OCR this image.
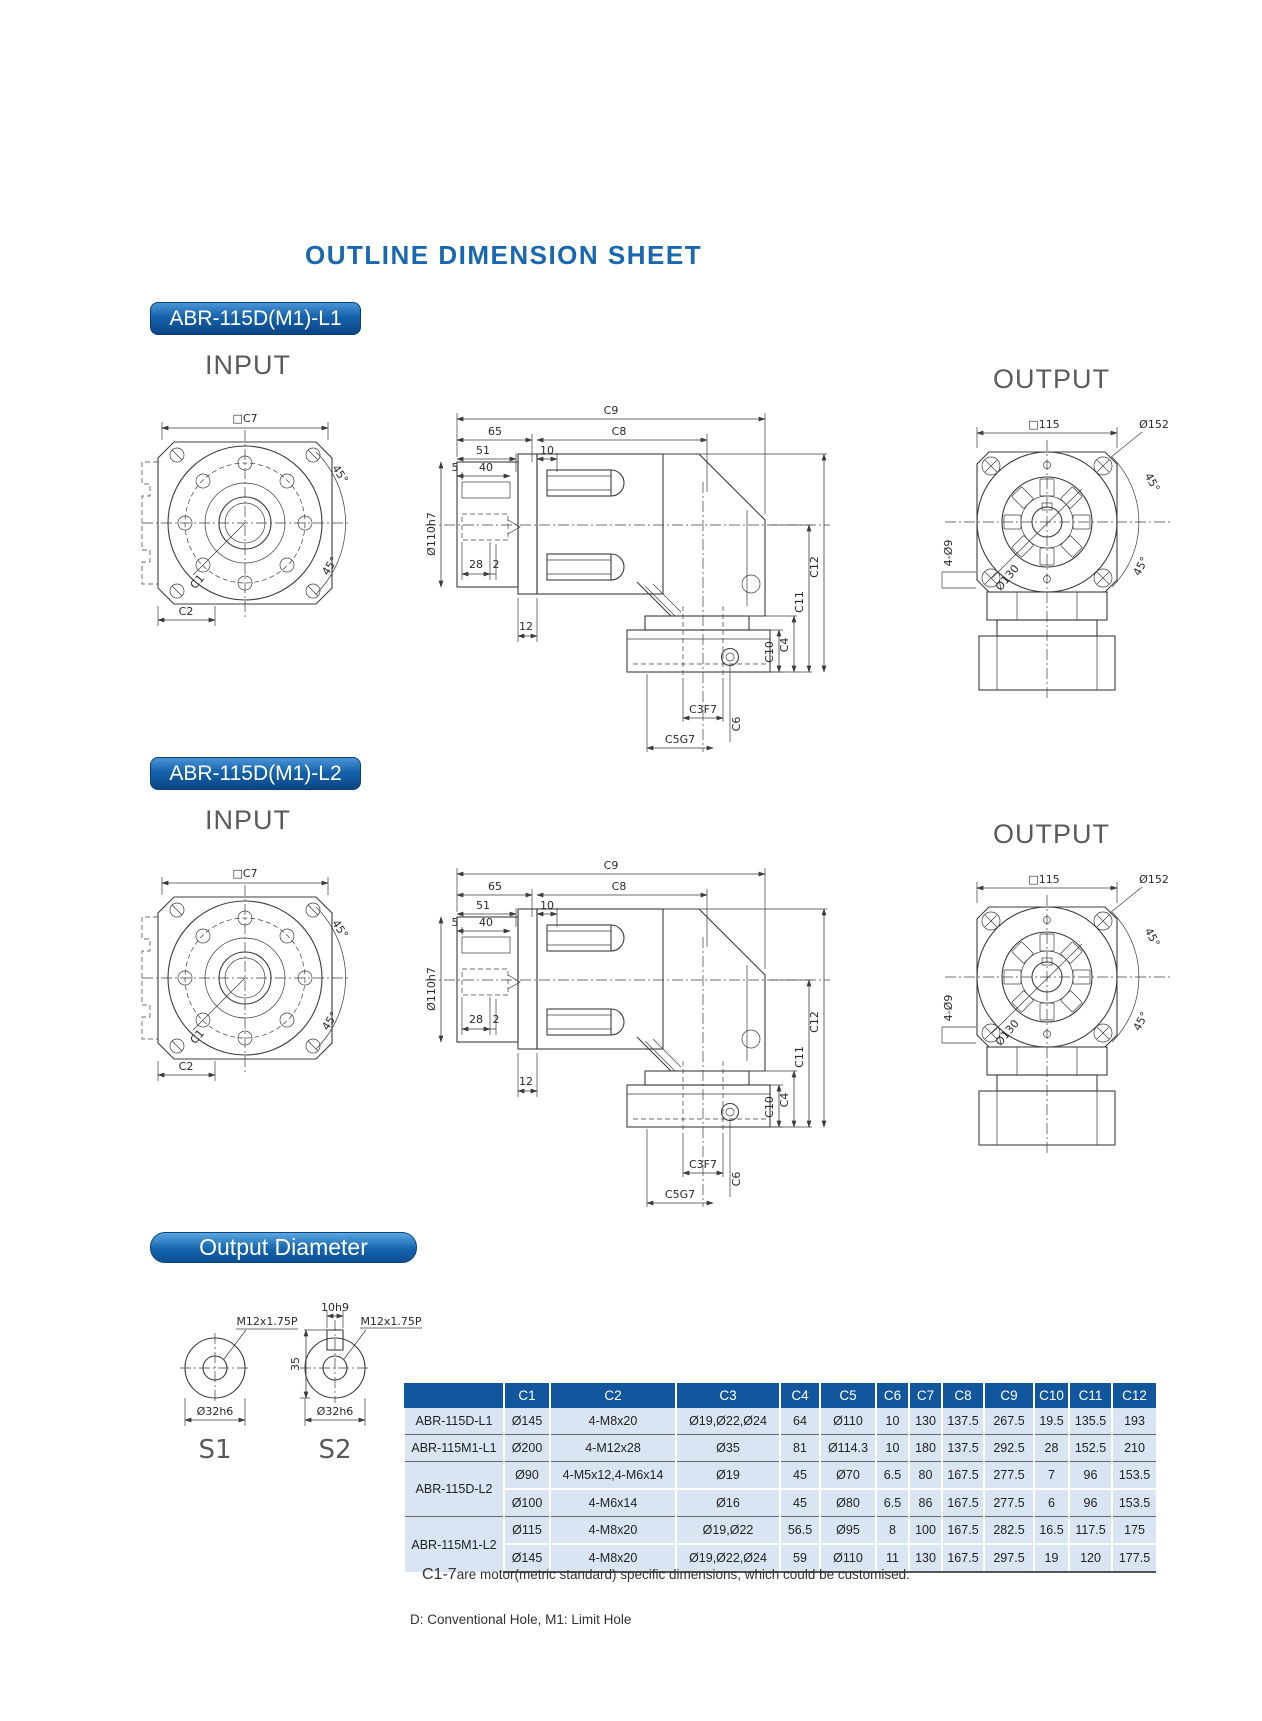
OUTLINE DIMENSION SHEET
ABR-115D(M1)-L1
INPUT	OUTPUT
□C7
45°
45°
C1
C2
C9
65	C8
51	10
5 40
Ø110h7
28 2
12
C10 C4
C11
C12
C3F7
C6
C5G7
□115	Ø152
45°
45°
4-Ø9
Ø130
ABR-115D(M1)-L2
INPUT	OUTPUT
□C7
45°
45°
C1
C2
C9
65	C8
51	10
5 40
Ø110h7
28 2
12
C10 C4
C11
C12
C3F7
C6
C5G7
□115	Ø152
45°
45°
4-Ø9
Ø130
Output Diameter
M12x1.75P
Ø32h6
S1
10h9
35
M12x1.75P
Ø32h6
S2
	C1	C2	C3	C4	C5	C6	C7	C8	C9	C10	C11	C12
ABR-115D-L1	Ø145	4-M8x20	Ø19,Ø22,Ø24	64	Ø110	10	130	137.5	267.5	19.5	135.5	193
ABR-115M1-L1	Ø200	4-M12x28	Ø35	81	Ø114.3	10	180	137.5	292.5	28	152.5	210
ABR-115D-L2	Ø90	4-M5x12,4-M6x14	Ø19	45	Ø70	6.5	80	167.5	277.5	7	96	153.5
	Ø100	4-M6x14	Ø16	45	Ø80	6.5	86	167.5	277.5	6	96	153.5
ABR-115M1-L2	Ø115	4-M8x20	Ø19,Ø22	56.5	Ø95	8	100	167.5	282.5	16.5	117.5	175
	Ø145	4-M8x20	Ø19,Ø22,Ø24	59	Ø110	11	130	167.5	297.5	19	120	177.5
C1-7are motor(metric standard) specific dimensions, which could be customised.
D: Conventional Hole, M1: Limit Hole
